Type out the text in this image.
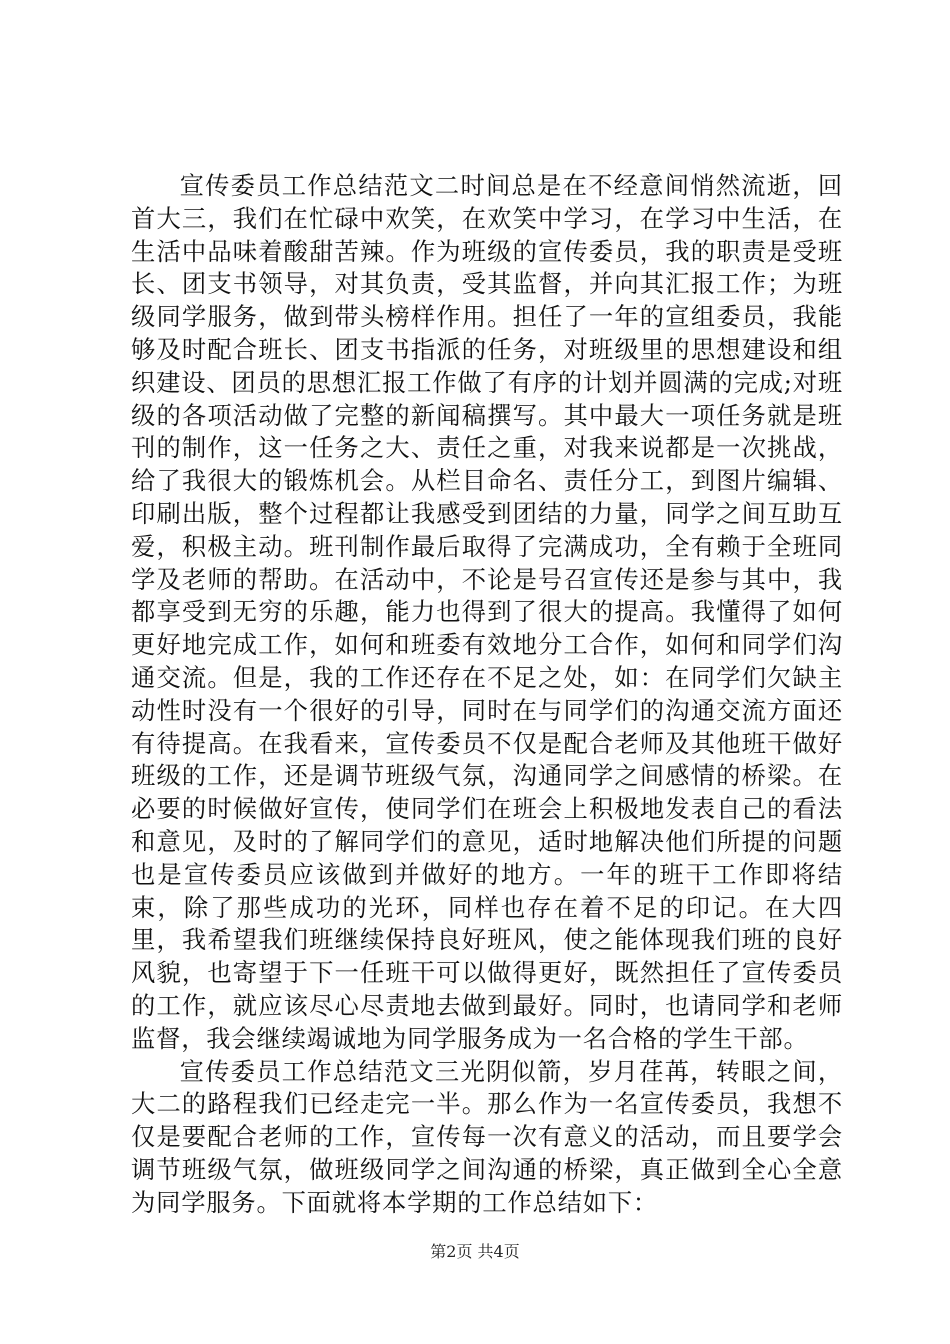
宣传委员工作总结范文二时间总是在不经意间悄然流逝，回首大三，我们在忙碌中欢笑，在欢笑中学习，在学习中生活，在生活中品味着酸甜苦辣。作为班级的宣传委员，我的职责是受班长、团支书领导，对其负责，受其监督，并向其汇报工作；为班级同学服务，做到带头榜样作用。担任了一年的宣组委员，我能够及时配合班长、团支书指派的任务，对班级里的思想建设和组织建设、团员的思想汇报工作做了有序的计划并圆满的完成;对班级的各项活动做了完整的新闻稿撰写。其中最大一项任务就是班刊的制作，这一任务之大、责任之重，对我来说都是一次挑战，给了我很大的锻炼机会。从栏目命名、责任分工，到图片编辑、印刷出版，整个过程都让我感受到团结的力量，同学之间互助互爱，积极主动。班刊制作最后取得了完满成功，全有赖于全班同学及老师的帮助。在活动中，不论是号召宣传还是参与其中，我都享受到无穷的乐趣，能力也得到了很大的提高。我懂得了如何更好地完成工作，如何和班委有效地分工合作，如何和同学们沟通交流。但是，我的工作还存在不足之处，如：在同学们欠缺主动性时没有一个很好的引导，同时在与同学们的沟通交流方面还有待提高。在我看来，宣传委员不仅是配合老师及其他班干做好班级的工作，还是调节班级气氛，沟通同学之间感情的桥梁。在必要的时候做好宣传，使同学们在班会上积极地发表自己的看法和意见，及时的了解同学们的意见，适时地解决他们所提的问题也是宣传委员应该做到并做好的地方。一年的班干工作即将结束，除了那些成功的光环，同样也存在着不足的印记。在大四里，我希望我们班继续保持良好班风，使之能体现我们班的良好风貌，也寄望于下一任班干可以做得更好，既然担任了宣传委员的工作，就应该尽心尽责地去做到最好。同时，也请同学和老师监督，我会继续竭诚地为同学服务成为一名合格的学生干部。

宣传委员工作总结范文三光阴似箭，岁月荏苒，转眼之间，大二的路程我们已经走完一半。那么作为一名宣传委员，我想不仅是要配合老师的工作，宣传每一次有意义的活动，而且要学会调节班级气氛，做班级同学之间沟通的桥梁，真正做到全心全意为同学服务。下面就将本学期的工作总结如下：

第2页 共4页
